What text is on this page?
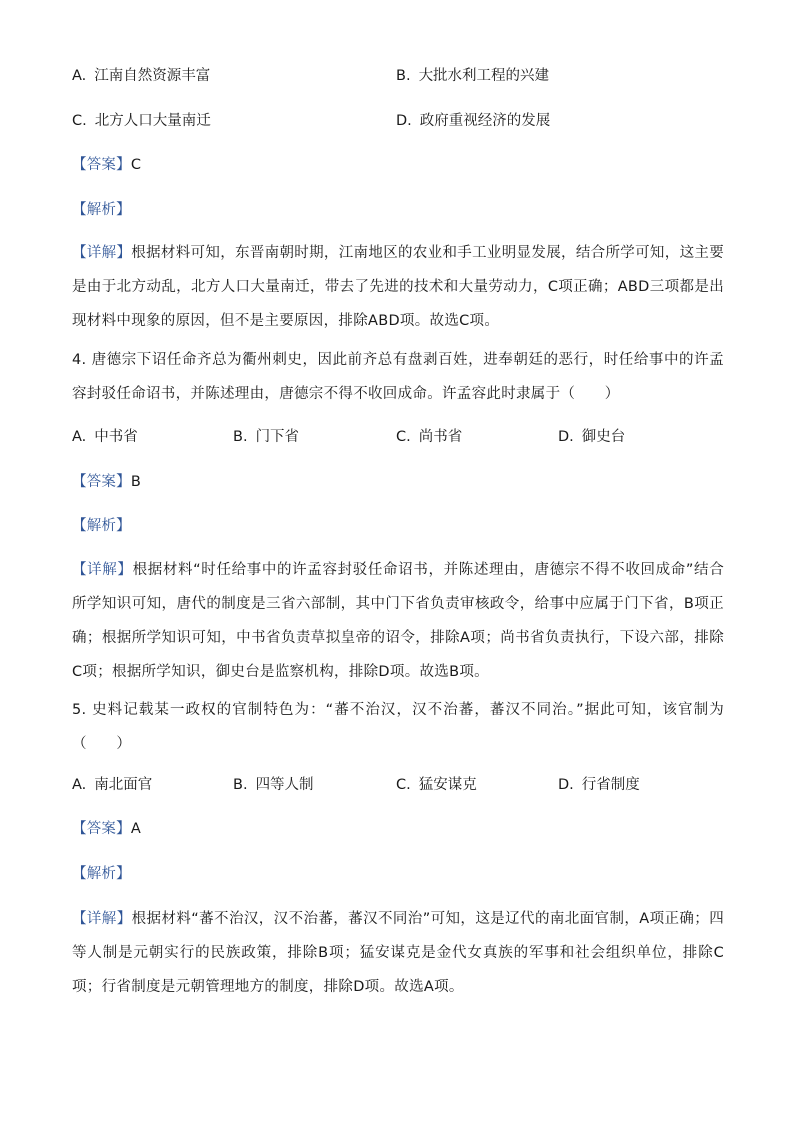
A. 江南自然资源丰富	B. 大批水利工程的兴建
C. 北方人口大量南迁	D. 政府重视经济的发展
【答案】C
【解析】
【详解】根据材料可知，东晋南朝时期，江南地区的农业和手工业明显发展，结合所学可知，这主要是由于北方动乱，北方人口大量南迁，带去了先进的技术和大量劳动力，C项正确；ABD三项都是出现材料中现象的原因，但不是主要原因，排除ABD项。故选C项。
4. 唐德宗下诏任命齐总为衢州刺史，因此前齐总有盘剥百姓，进奉朝廷的恶行，时任给事中的许孟容封驳任命诏书，并陈述理由，唐德宗不得不收回成命。许孟容此时隶属于（　　）
A. 中书省	B. 门下省	C. 尚书省	D. 御史台
【答案】B
【解析】
【详解】根据材料“时任给事中的许孟容封驳任命诏书，并陈述理由，唐德宗不得不收回成命”结合所学知识可知，唐代的制度是三省六部制，其中门下省负责审核政令，给事中应属于门下省，B项正确；根据所学知识可知，中书省负责草拟皇帝的诏令，排除A项；尚书省负责执行，下设六部，排除C项；根据所学知识，御史台是监察机构，排除D项。故选B项。
5. 史料记载某一政权的官制特色为：“蕃不治汉，汉不治蕃，蕃汉不同治。”据此可知，该官制为（　　）
A. 南北面官	B. 四等人制	C. 猛安谋克	D. 行省制度
【答案】A
【解析】
【详解】根据材料“蕃不治汉，汉不治蕃，蕃汉不同治”可知，这是辽代的南北面官制，A项正确；四等人制是元朝实行的民族政策，排除B项；猛安谋克是金代女真族的军事和社会组织单位，排除C项；行省制度是元朝管理地方的制度，排除D项。故选A项。
